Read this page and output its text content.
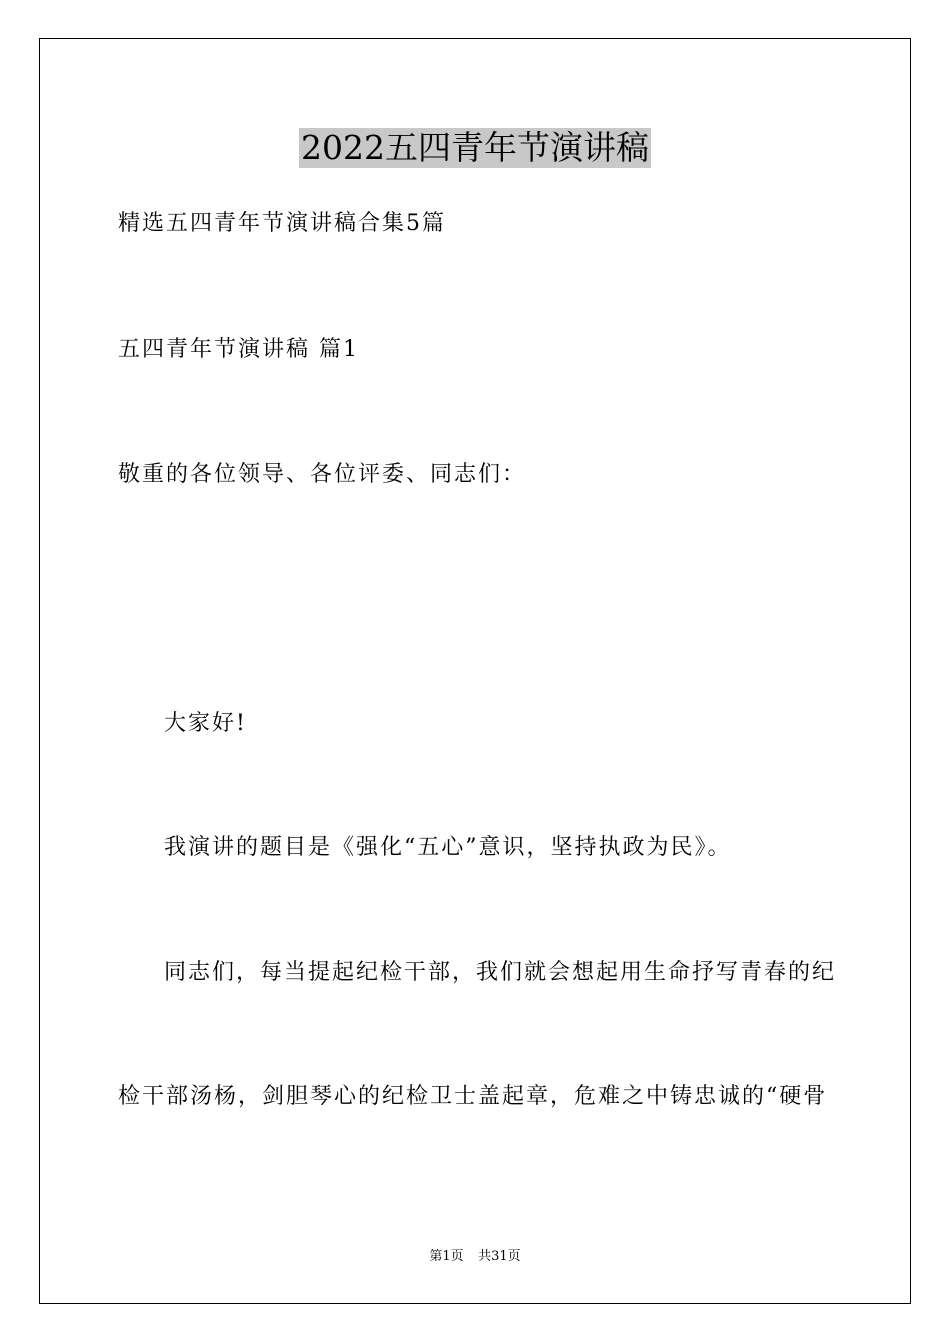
2022五四青年节演讲稿
精选五四青年节演讲稿合集5篇
五四青年节演讲稿 篇1
敬重的各位领导、各位评委、同志们：
大家好!
我演讲的题目是《强化“五心”意识，坚持执政为民》。
同志们，每当提起纪检干部，我们就会想起用生命抒写青春的纪
检干部汤杨，剑胆琴心的纪检卫士盖起章，危难之中铸忠诚的“硬骨
第1页 共31页
